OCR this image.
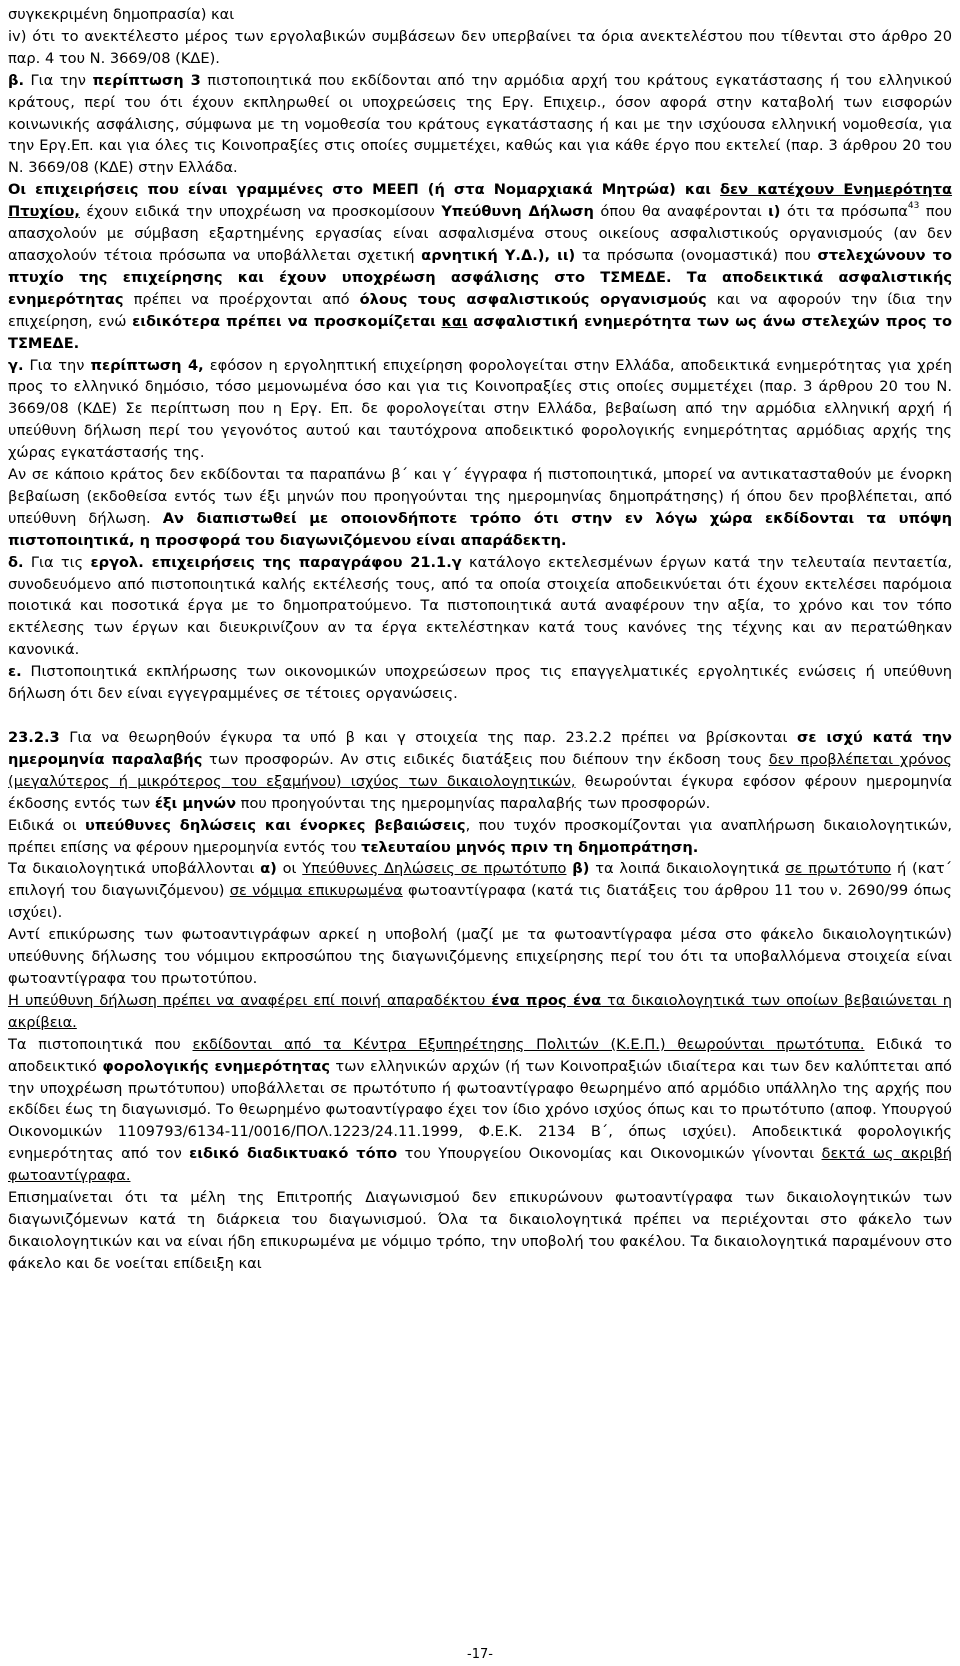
συγκεκριμένη δημοπρασία) και
iv) ότι το ανεκτέλεστο μέρος των εργολαβικών συμβάσεων δεν υπερβαίνει τα όρια ανεκτελέστου που τίθενται στο άρθρο 20 παρ. 4 του Ν. 3669/08 (ΚΔΕ).

β. Για την περίπτωση 3 πιστοποιητικά που εκδίδονται από την αρμόδια αρχή του κράτους εγκατάστασης ή του ελληνικού κράτους, περί του ότι έχουν εκπληρωθεί οι υποχρεώσεις της Εργ. Επιχειρ., όσον αφορά στην καταβολή των εισφορών κοινωνικής ασφάλισης, σύμφωνα με τη νομοθεσία του κράτους εγκατάστασης ή και με την ισχύουσα ελληνική νομοθεσία, για την Εργ.Επ. και για όλες τις Κοινοπραξίες στις οποίες συμμετέχει, καθώς και για κάθε έργο που εκτελεί (παρ. 3 άρθρου 20 του Ν. 3669/08 (ΚΔΕ) στην Ελλάδα.

Οι επιχειρήσεις που είναι γραμμένες στο ΜΕΕΠ (ή στα Νομαρχιακά Μητρώα) και δεν κατέχουν Ενημερότητα Πτυχίου, έχουν ειδικά την υποχρέωση να προσκομίσουν Υπεύθυνη Δήλωση όπου θα αναφέρονται ι) ότι τα πρόσωπα$^{43}$ που απασχολούν με σύμβαση εξαρτημένης εργασίας είναι ασφαλισμένα στους οικείους ασφαλιστικούς οργανισμούς (αν δεν απασχολούν τέτοια πρόσωπα να υποβάλλεται σχετική αρνητική Υ.Δ.), ιι) τα πρόσωπα (ονομαστικά) που στελεχώνουν το πτυχίο της επιχείρησης και έχουν υποχρέωση ασφάλισης στο ΤΣΜΕΔΕ. Τα αποδεικτικά ασφαλιστικής ενημερότητας πρέπει να προέρχονται από όλους τους ασφαλιστικούς οργανισμούς και να αφορούν την ίδια την επιχείρηση, ενώ ειδικότερα πρέπει να προσκομίζεται και ασφαλιστική ενημερότητα των ως άνω στελεχών προς το ΤΣΜΕΔΕ.

γ. Για την περίπτωση 4, εφόσον η εργοληπτική επιχείρηση φορολογείται στην Ελλάδα, αποδεικτικά ενημερότητας για χρέη προς το ελληνικό δημόσιο, τόσο μεμονωμένα όσο και για τις Κοινοπραξίες στις οποίες συμμετέχει (παρ. 3 άρθρου 20 του Ν. 3669/08 (ΚΔΕ) Σε περίπτωση που η Εργ. Επ. δε φορολογείται στην Ελλάδα, βεβαίωση από την αρμόδια ελληνική αρχή ή υπεύθυνη δήλωση περί του γεγονότος αυτού και ταυτόχρονα αποδεικτικό φορολογικής ενημερότητας αρμόδιας αρχής της χώρας εγκατάστασής της.

Αν σε κάποιο κράτος δεν εκδίδονται τα παραπάνω β΄ και γ΄ έγγραφα ή πιστοποιητικά, μπορεί να αντικατασταθούν με ένορκη βεβαίωση (εκδοθείσα εντός των έξι μηνών που προηγούνται της ημερομηνίας δημοπράτησης) ή όπου δεν προβλέπεται, από υπεύθυνη δήλωση. Αν διαπιστωθεί με οποιονδήποτε τρόπο ότι στην εν λόγω χώρα εκδίδονται τα υπόψη πιστοποιητικά, η προσφορά του διαγωνιζόμενου είναι απαράδεκτη.

δ. Για τις εργολ. επιχειρήσεις της παραγράφου 21.1.γ κατάλογο εκτελεσμένων έργων κατά την τελευταία πενταετία, συνοδευόμενο από πιστοποιητικά καλής εκτέλεσής τους, από τα οποία στοιχεία αποδεικνύεται ότι έχουν εκτελέσει παρόμοια ποιοτικά και ποσοτικά έργα με το δημοπρατούμενο. Τα πιστοποιητικά αυτά αναφέρουν την αξία, το χρόνο και τον τόπο εκτέλεσης των έργων και διευκρινίζουν αν τα έργα εκτελέστηκαν κατά τους κανόνες της τέχνης και αν περατώθηκαν κανονικά.

ε. Πιστοποιητικά εκπλήρωσης των οικονομικών υποχρεώσεων προς τις επαγγελματικές εργολητικές ενώσεις ή υπεύθυνη δήλωση ότι δεν είναι εγγεγραμμένες σε τέτοιες οργανώσεις.

23.2.3 Για να θεωρηθούν έγκυρα τα υπό β και γ στοιχεία της παρ. 23.2.2 πρέπει να βρίσκονται σε ισχύ κατά την ημερομηνία παραλαβής των προσφορών. Αν στις ειδικές διατάξεις που διέπουν την έκδοση τους δεν προβλέπεται χρόνος (μεγαλύτερος ή μικρότερος του εξαμήνου) ισχύος των δικαιολογητικών, θεωρούνται έγκυρα εφόσον φέρουν ημερομηνία έκδοσης εντός των έξι μηνών που προηγούνται της ημερομηνίας παραλαβής των προσφορών.

Ειδικά οι υπεύθυνες δηλώσεις και ένορκες βεβαιώσεις, που τυχόν προσκομίζονται για αναπλήρωση δικαιολογητικών, πρέπει επίσης να φέρουν ημερομηνία εντός του τελευταίου μηνός πριν τη δημοπράτηση.

Τα δικαιολογητικά υποβάλλονται α) οι Υπεύθυνες Δηλώσεις σε πρωτότυπο β) τα λοιπά δικαιολογητικά σε πρωτότυπο ή (κατ΄ επιλογή του διαγωνιζόμενου) σε νόμιμα επικυρωμένα φωτοαντίγραφα (κατά τις διατάξεις του άρθρου 11 του ν. 2690/99 όπως ισχύει).

Αντί επικύρωσης των φωτοαντιγράφων αρκεί η υποβολή (μαζί με τα φωτοαντίγραφα μέσα στο φάκελο δικαιολογητικών) υπεύθυνης δήλωσης του νόμιμου εκπροσώπου της διαγωνιζόμενης επιχείρησης περί του ότι τα υποβαλλόμενα στοιχεία είναι φωτοαντίγραφα του πρωτοτύπου.

Η υπεύθυνη δήλωση πρέπει να αναφέρει επί ποινή απαραδέκτου ένα προς ένα τα δικαιολογητικά των οποίων βεβαιώνεται η ακρίβεια.

Τα πιστοποιητικά που εκδίδονται από τα Κέντρα Εξυπηρέτησης Πολιτών (Κ.Ε.Π.) θεωρούνται πρωτότυπα. Ειδικά το αποδεικτικό φορολογικής ενημερότητας των ελληνικών αρχών (ή των Κοινοπραξιών ιδιαίτερα και των δεν καλύπτεται από την υποχρέωση πρωτότυπου) υποβάλλεται σε πρωτότυπο ή φωτοαντίγραφο θεωρημένο από αρμόδιο υπάλληλο της αρχής που εκδίδει έως τη διαγωνισμό. Το θεωρημένο φωτοαντίγραφο έχει τον ίδιο χρόνο ισχύος όπως και το πρωτότυπο (αποφ. Υπουργού Οικονομικών 1109793/6134-11/0016/ΠΟΛ.1223/24.11.1999, Φ.Ε.Κ. 2134 Β΄, όπως ισχύει). Αποδεικτικά φορολογικής ενημερότητας από τον ειδικό διαδικτυακό τόπο του Υπουργείου Οικονομίας και Οικονομικών γίνονται δεκτά ως ακριβή φωτοαντίγραφα.

Επισημαίνεται ότι τα μέλη της Επιτροπής Διαγωνισμού δεν επικυρώνουν φωτοαντίγραφα των δικαιολογητικών των διαγωνιζόμενων κατά τη διάρκεια του διαγωνισμού. Όλα τα δικαιολογητικά πρέπει να περιέχονται στο φάκελο των δικαιολογητικών και να είναι ήδη επικυρωμένα με νόμιμο τρόπο, την υποβολή του φακέλου. Τα δικαιολογητικά παραμένουν στο φάκελο και δε νοείται επίδειξη και

-17-
